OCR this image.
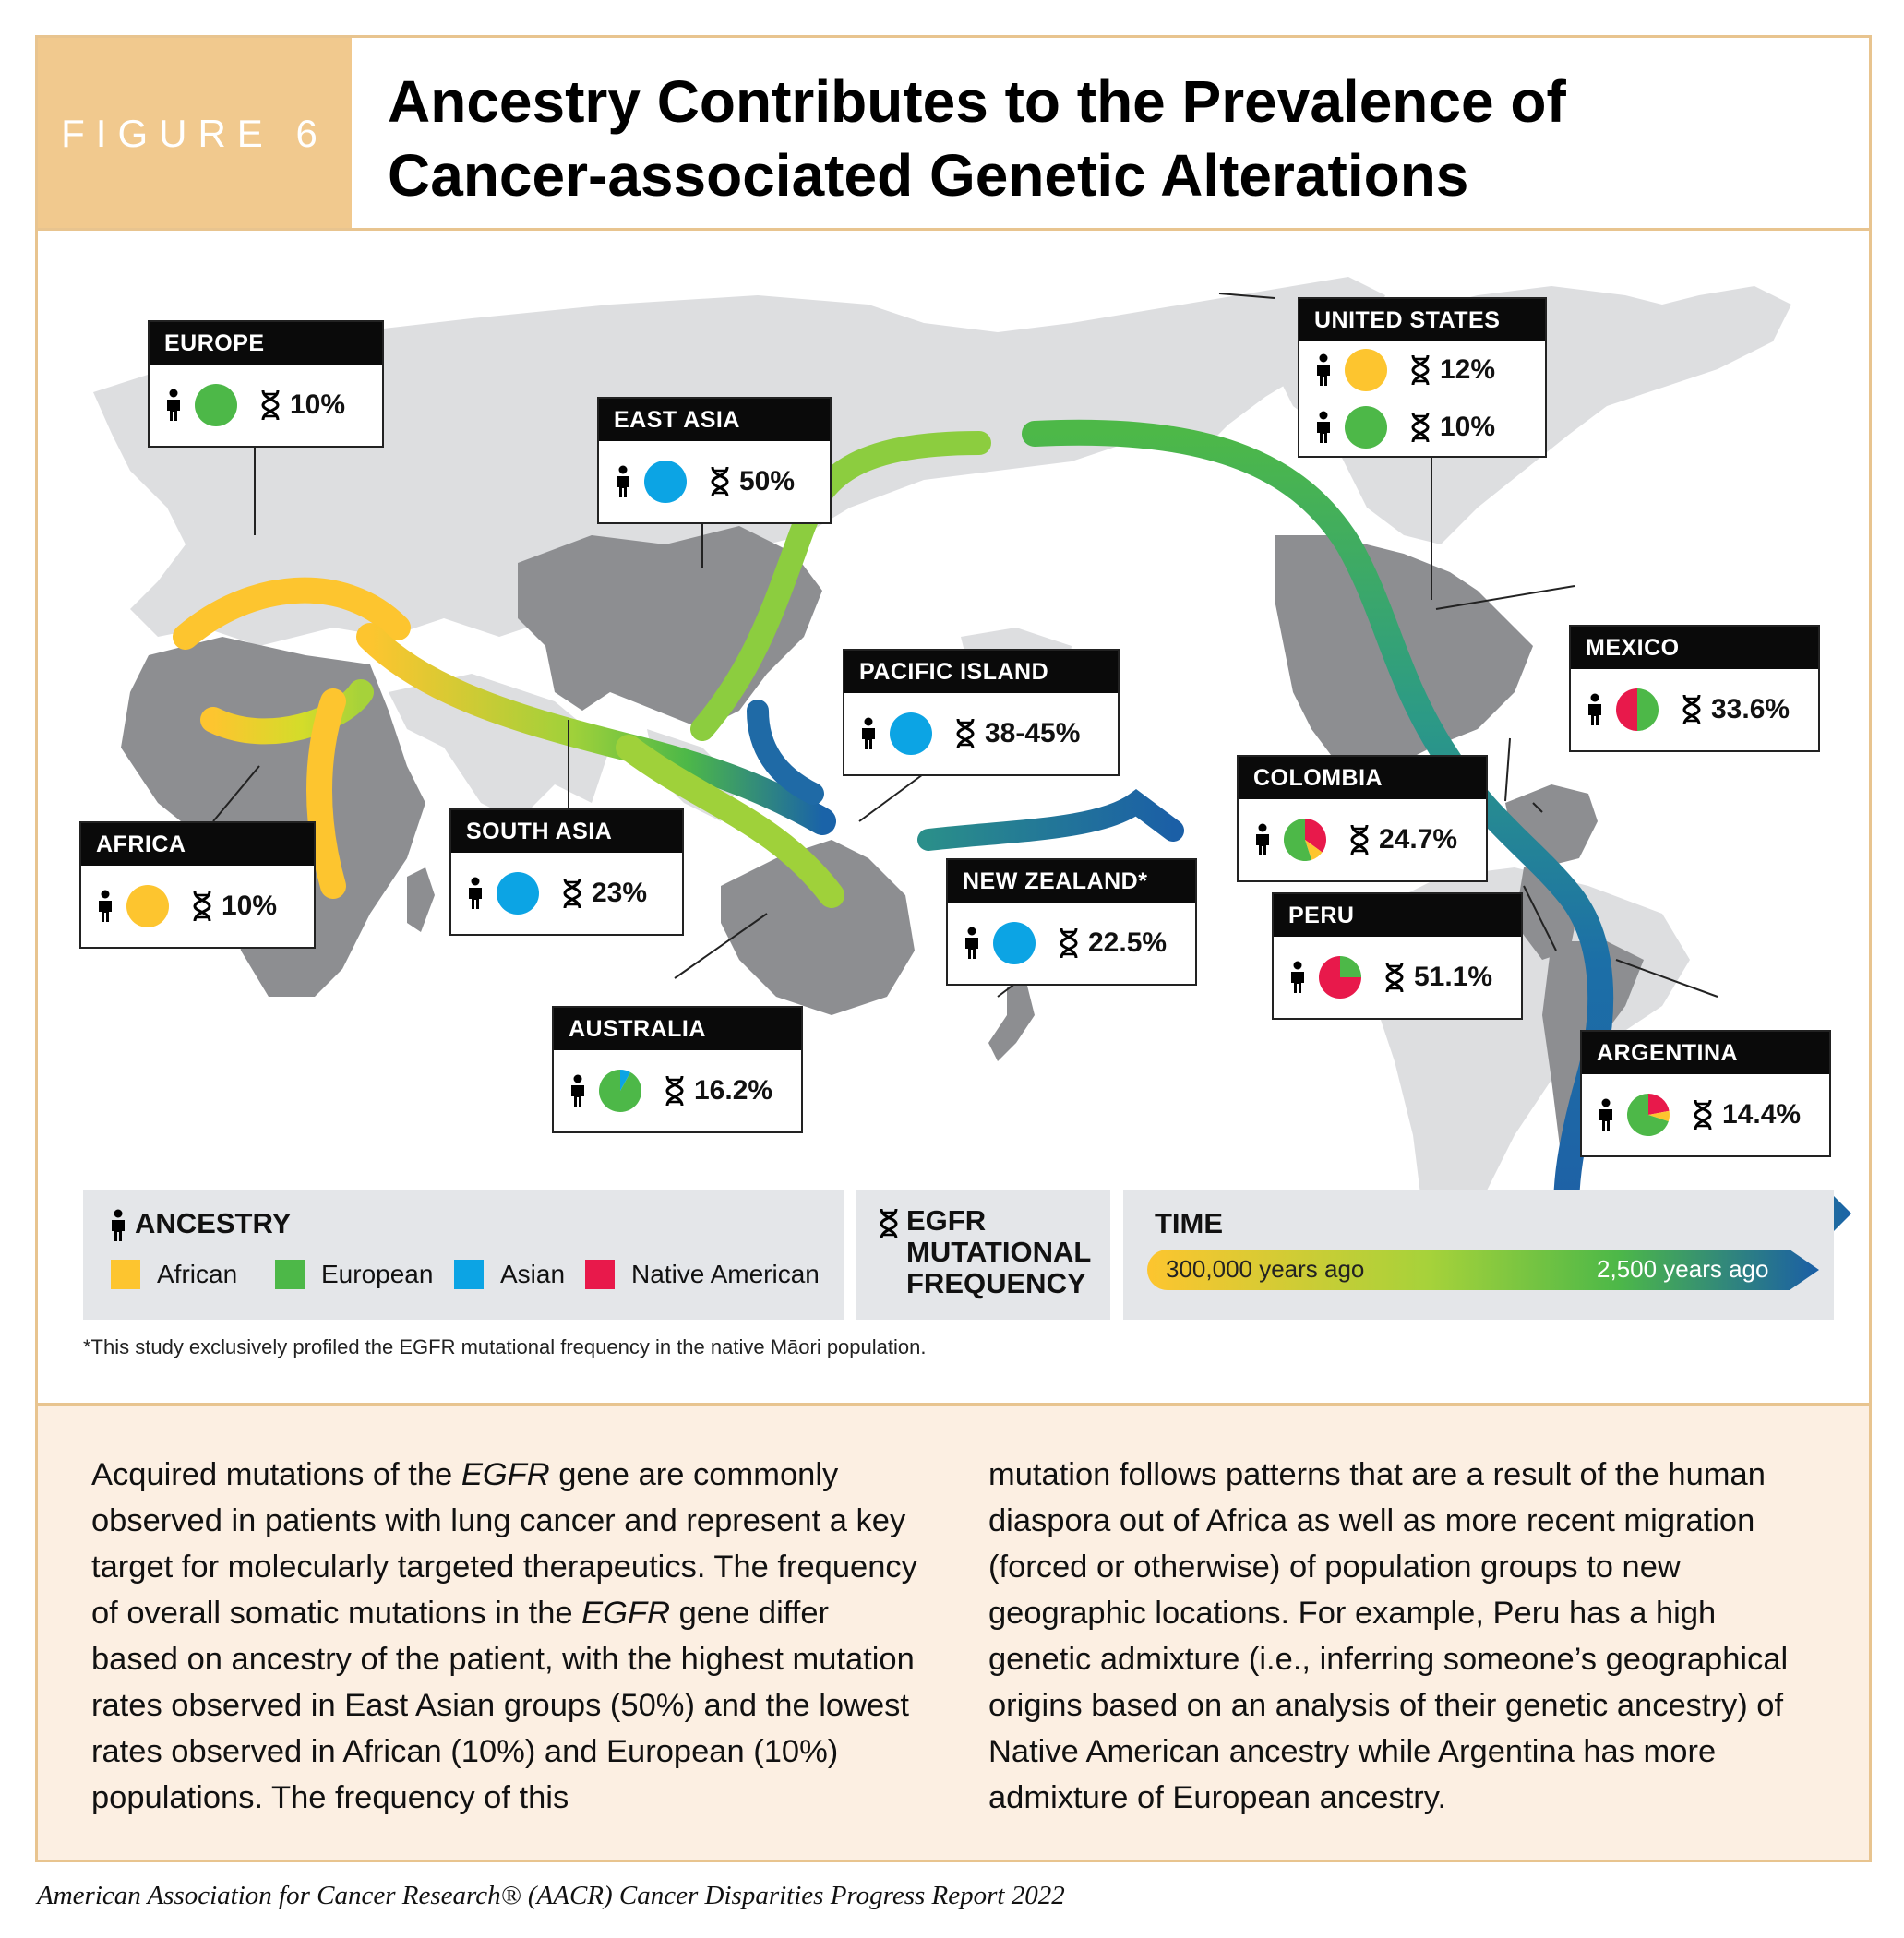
FIGURE 6 Ancestry Contributes to the Prevalence of
Cancer-associated Genetic Alterations
EUROPE
10%	EAST ASIA
50%
UNITED STATES
12%
10%
PACIFIC ISLAND
38-45%
MEXICO
33.6%
AFRICA
10%
SOUTH ASIA
23%
COLOMBIA
24.7%
NEW ZEALAND*
22.5%
PERU
51.1%
AUSTRALIA
16.2%
ARGENTINA
14.4%
ANCESTRY
African	European	Asian	Native American
EGFR
MUTATIONAL
FREQUENCY
TIME
300,000 years ago	2,500 years ago
*This study exclusively profiled the EGFR mutational frequency in the native Māori population.
Acquired mutations of the EGFR gene are commonly observed in patients with lung cancer and represent a key target for molecularly targeted therapeutics. The frequency of overall somatic mutations in the EGFR gene differ based on ancestry of the patient, with the highest mutation rates observed in East Asian groups (50%) and the lowest rates observed in African (10%) and European (10%) populations. The frequency of this
mutation follows patterns that are a result of the human diaspora out of Africa as well as more recent migration (forced or otherwise) of population groups to new geographic locations. For example, Peru has a high genetic admixture (i.e., inferring someone’s geographical origins based on an analysis of their genetic ancestry) of Native American ancestry while Argentina has more admixture of European ancestry.
American Association for Cancer Research® (AACR) Cancer Disparities Progress Report 2022
